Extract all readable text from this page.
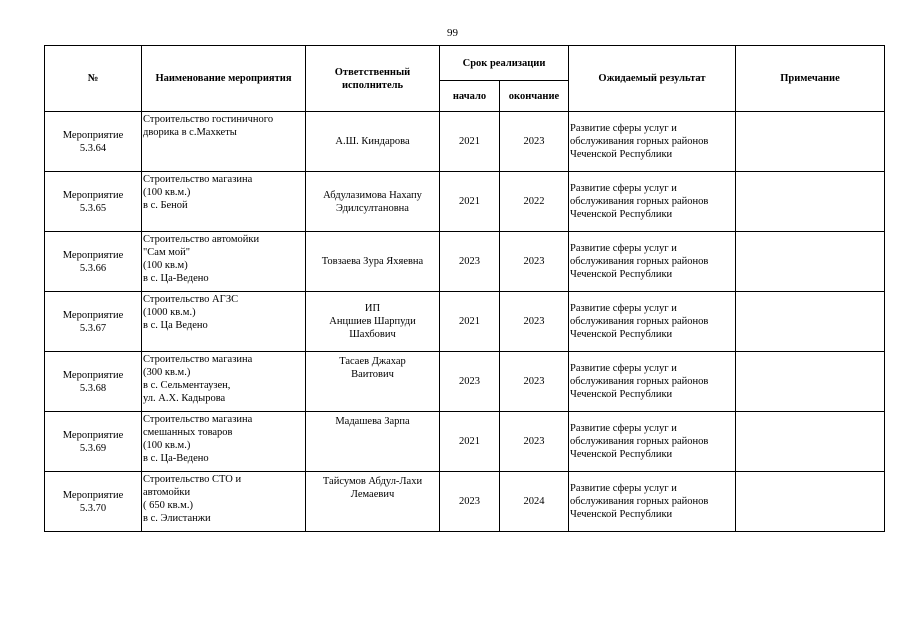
99
№	Наименование мероприятия	Ответственный исполнитель	Срок реализации		Ожидаемый результат	Примечание
			начало	окончание		
Мероприятие
5.3.64	Строительство гостиничного
дворика в с.Махкеты	А.Ш. Киндарова	2021	2023	Развитие сферы услуг и
обслуживания горных районов
Чеченской Республики	

Мероприятие
5.3.65	Строительство магазина
(100 кв.м.)
в с. Беной	Абдулазимова Нахапу
Эдилсултановна	2021	2022	Развитие сферы услуг и
обслуживания горных районов
Чеченской Республики	

Мероприятие
5.3.66	Строительство автомойки
"Сам мой"
(100 кв.м)
в с. Ца-Ведено	Товзаева Зура Яхяевна	2023	2023	Развитие сферы услуг и
обслуживания горных районов
Чеченской Республики	

Мероприятие
5.3.67	Строительство АГЗС
(1000 кв.м.)
в с. Ца Ведено	ИП
Анцшиев Шарпуди
Шахбович	2021	2023	Развитие сферы услуг и
обслуживания горных районов
Чеченской Республики	

Мероприятие
5.3.68	Строительство магазина
(300 кв.м.)
в с. Сельментаузен,
ул. А.Х. Кадырова	Тасаев Джахар
Ваитович	2023	2023	Развитие сферы услуг и
обслуживания горных районов
Чеченской Республики	

Мероприятие
5.3.69	Строительство магазина
смешанных товаров
(100 кв.м.)
в с. Ца-Ведено	Мадашева Зарпа	2021	2023	Развитие сферы услуг и
обслуживания горных районов
Чеченской Республики	

Мероприятие
5.3.70	Строительство СТО и
автомойки
( 650 кв.м.)
в с. Элистанжи	Тайсумов Абдул-Лахи
Лемаевич	2023	2024	Развитие сферы услуг и
обслуживания горных районов
Чеченской Республики	
